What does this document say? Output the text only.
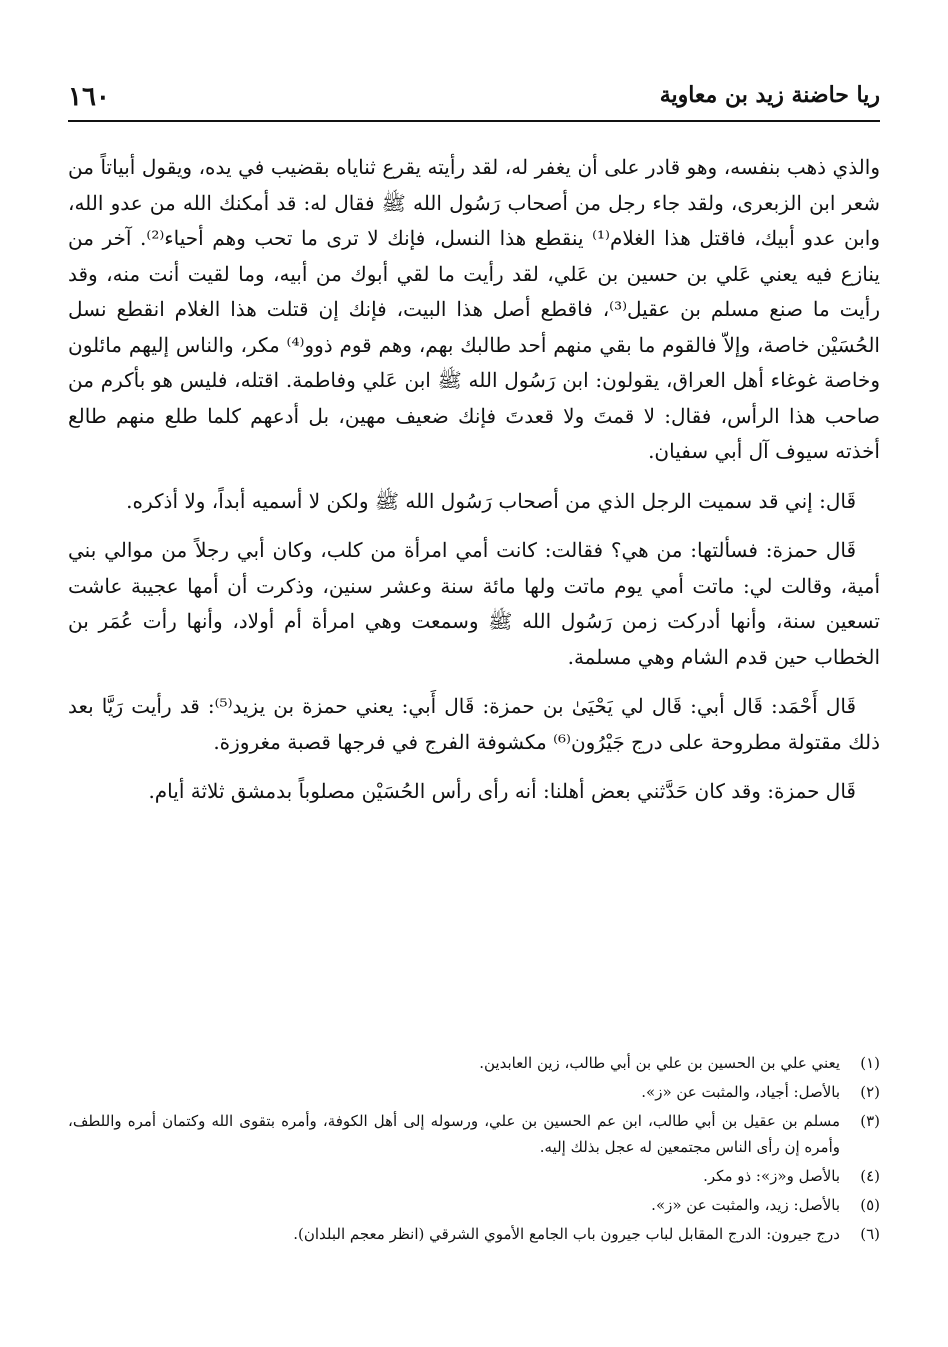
١٦٠	ريا حاضنة زيد بن معاوية

والذي ذهب بنفسه، وهو قادر على أن يغفر له، لقد رأيته يقرع ثناياه بقضيب في يده، ويقول أبياتاً من شعر ابن الزبعرى، ولقد جاء رجل من أصحاب رَسُول الله ﷺ فقال له: قد أمكنك الله من عدو الله، وابن عدو أبيك، فاقتل هذا الغلام⁽¹⁾ ينقطع هذا النسل، فإنك لا ترى ما تحب وهم أحياء⁽²⁾. آخر من ينازع فيه يعني عَلي بن حسين بن عَلي، لقد رأيت ما لقي أبوك من أبيه، وما لقيت أنت منه، وقد رأيت ما صنع مسلم بن عقيل⁽³⁾، فاقطع أصل هذا البيت، فإنك إن قتلت هذا الغلام انقطع نسل الحُسَيْن خاصة، وإلاّ فالقوم ما بقي منهم أحد طالبك بهم، وهم قوم ذوو⁽⁴⁾ مكر، والناس إليهم مائلون وخاصة غوغاء أهل العراق، يقولون: ابن رَسُول الله ﷺ ابن عَلي وفاطمة. اقتله، فليس هو بأكرم من صاحب هذا الرأس، فقال: لا قمتَ ولا قعدتَ فإنك ضعيف مهين، بل أدعهم كلما طلع منهم طالع أخذته سيوف آل أبي سفيان.

قَال: إني قد سميت الرجل الذي من أصحاب رَسُول الله ﷺ ولكن لا أسميه أبداً، ولا أذكره.

قَال حمزة: فسألتها: من هي؟ فقالت: كانت أمي امرأة من كلب، وكان أبي رجلاً من موالي بني أمية، وقالت لي: ماتت أمي يوم ماتت ولها مائة سنة وعشر سنين، وذكرت أن أمها عجيبة عاشت تسعين سنة، وأنها أدركت زمن رَسُول الله ﷺ وسمعت وهي امرأة أم أولاد، وأنها رأت عُمَر بن الخطاب حين قدم الشام وهي مسلمة.

قَال أَحْمَد: قَال أبي: قَال لي يَحْيَىٰ بن حمزة: قَال أَبي: يعني حمزة بن يزيد⁽⁵⁾: قد رأيت رَيَّا بعد ذلك مقتولة مطروحة على درج جَيْرُون⁽⁶⁾ مكشوفة الفرج في فرجها قصبة مغروزة.

قَال حمزة: وقد كان حَدَّثني بعض أهلنا: أنه رأى رأس الحُسَيْن مصلوباً بدمشق ثلاثة أيام.

(١)
يعني علي بن الحسين بن علي بن أبي طالب، زين العابدين.
(٢)
بالأصل: أجياد، والمثبت عن «ز».
(٣)
مسلم بن عقيل بن أبي طالب، ابن عم الحسين بن علي، ورسوله إلى أهل الكوفة، وأمره بتقوى الله وكتمان أمره واللطف، وأمره إن رأى الناس مجتمعين له عجل بذلك إليه.
(٤)
بالأصل و«ز»: ذو مكر.
(٥)
بالأصل: زيد، والمثبت عن «ز».
(٦)
درج جيرون: الدرج المقابل لباب جيرون باب الجامع الأموي الشرقي (انظر معجم البلدان).
